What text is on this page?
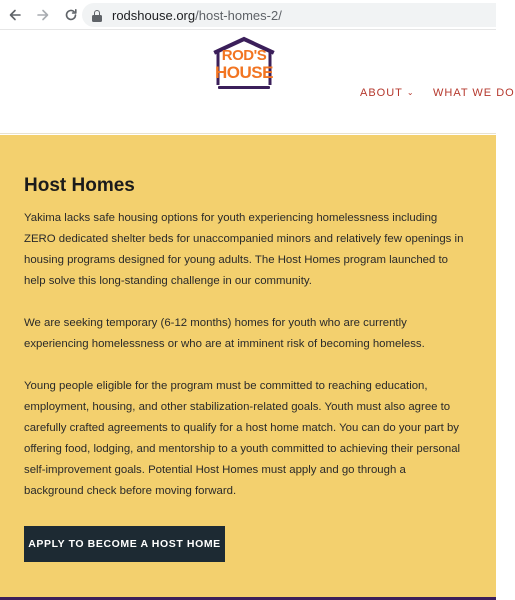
rodshouse.org/host-homes-2/
ROD'S
HOUSE
ABOUT ⌄ WHAT WE DO
Host Homes

Yakima lacks safe housing options for youth experiencing homelessness including ZERO dedicated shelter beds for unaccompanied minors and relatively few openings in housing programs designed for young adults. The Host Homes program launched to help solve this long-standing challenge in our community.

We are seeking temporary (6-12 months) homes for youth who are currently experiencing homelessness or who are at imminent risk of becoming homeless.

Young people eligible for the program must be committed to reaching education, employment, housing, and other stabilization-related goals. Youth must also agree to carefully crafted agreements to qualify for a host home match. You can do your part by offering food, lodging, and mentorship to a youth committed to achieving their personal self-improvement goals. Potential Host Homes must apply and go through a background check before moving forward.

APPLY TO BECOME A HOST HOME
